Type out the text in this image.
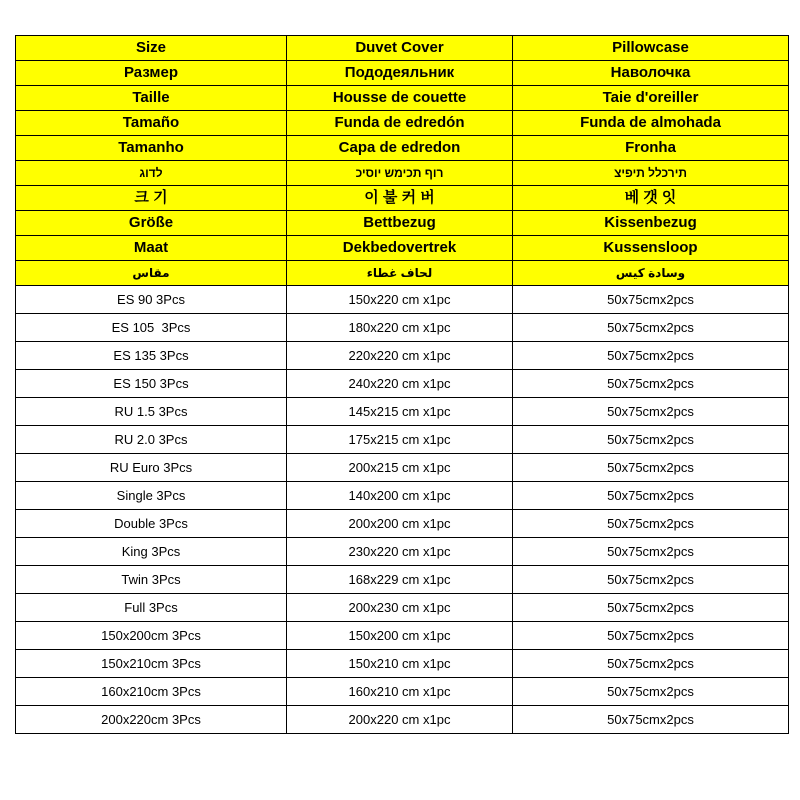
Size	Duvet Cover	Pillowcase
Размер	Пододеяльник	Наволочка
Taille	Housse de couette	Taie d'oreiller
Tamaño	Funda de edredón	Funda de almohada
Tamanho	Capa de edredon	Fronha
לדוג	רוף תכימש יוסיכ	תירכלל תיפיצ
크 기	이 불 커 버	베 갯 잇
Größe	Bettbezug	Kissenbezug
Maat	Dekbedovertrek	Kussensloop
مقاس	لحاف غطاء	وسادة كيس
ES 90 3Pcs	150x220 cm x1pc	50x75cmx2pcs
ES 105  3Pcs	180x220 cm x1pc	50x75cmx2pcs
ES 135 3Pcs	220x220 cm x1pc	50x75cmx2pcs
ES 150 3Pcs	240x220 cm x1pc	50x75cmx2pcs
RU 1.5 3Pcs	145x215 cm x1pc	50x75cmx2pcs
RU 2.0 3Pcs	175x215 cm x1pc	50x75cmx2pcs
RU Euro 3Pcs	200x215 cm x1pc	50x75cmx2pcs
Single 3Pcs	140x200 cm x1pc	50x75cmx2pcs
Double 3Pcs	200x200 cm x1pc	50x75cmx2pcs
King 3Pcs	230x220 cm x1pc	50x75cmx2pcs
Twin 3Pcs	168x229 cm x1pc	50x75cmx2pcs
Full 3Pcs	200x230 cm x1pc	50x75cmx2pcs
150x200cm 3Pcs	150x200 cm x1pc	50x75cmx2pcs
150x210cm 3Pcs	150x210 cm x1pc	50x75cmx2pcs
160x210cm 3Pcs	160x210 cm x1pc	50x75cmx2pcs
200x220cm 3Pcs	200x220 cm x1pc	50x75cmx2pcs
